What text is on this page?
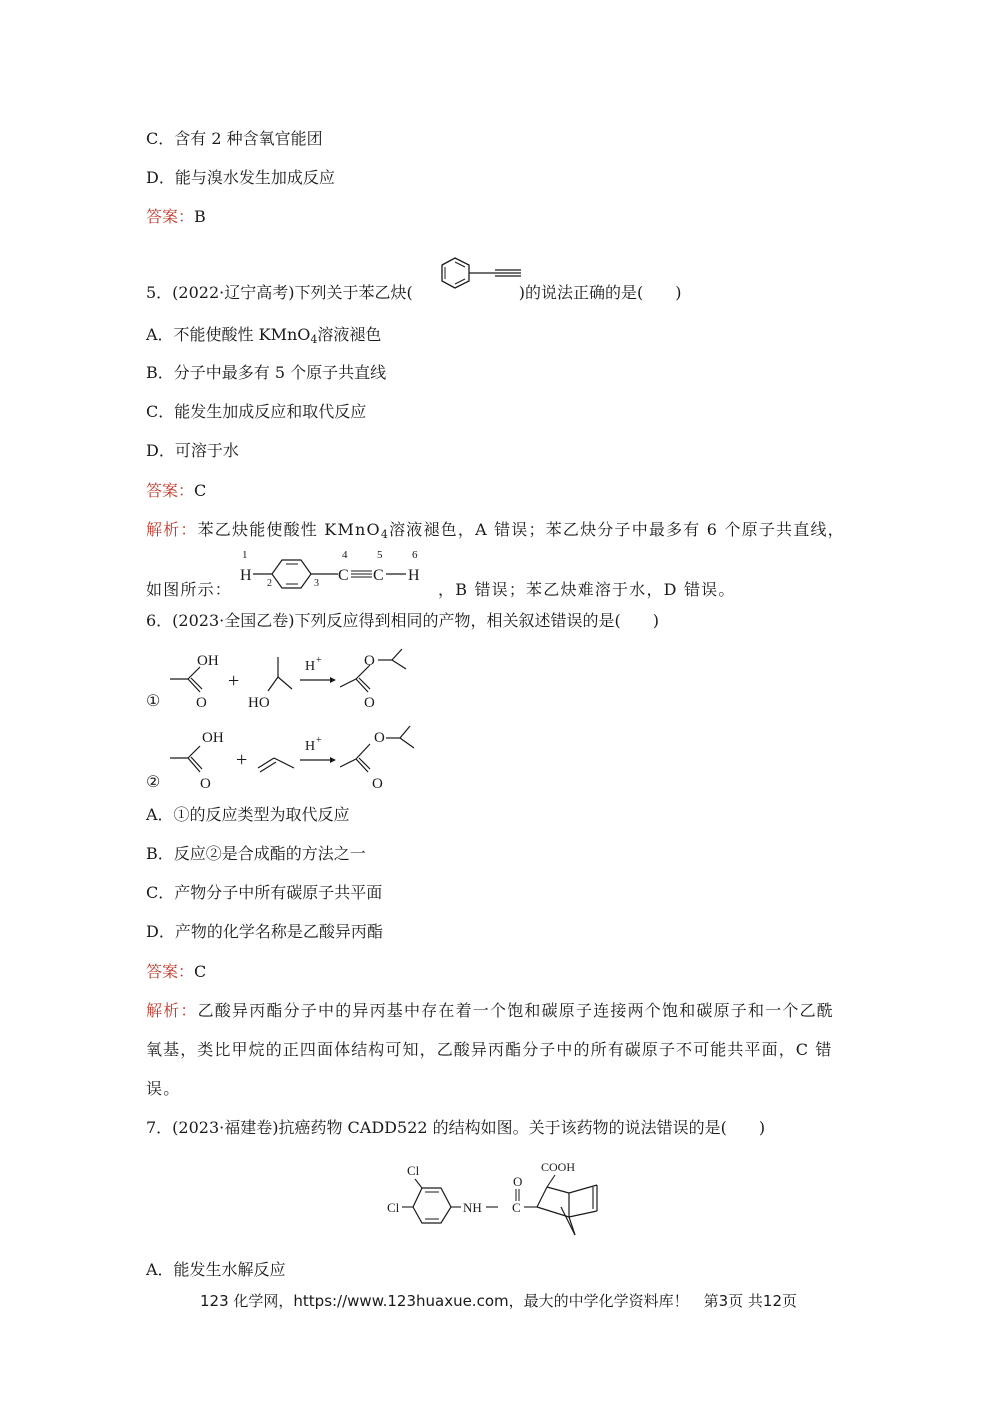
C．含有 2 种含氧官能团
D．能与溴水发生加成反应
答案：B
5．(2022·辽宁高考)下列关于苯乙炔(	)的说法正确的是(　　)
A．不能使酸性 KMnO$_4$溶液褪色
B．分子中最多有 5 个原子共直线
C．能发生加成反应和取代反应
D．可溶于水
答案：C
解析：苯乙炔能使酸性 KMnO$_4$溶液褪色，A 错误；苯乙炔分子中最多有 6 个原子共直线，
如图所示：	，B 错误；苯乙炔难溶于水，D 错误。
1
H 2	3
4
C
5
C
6
H
6．(2023·全国乙卷)下列反应得到相同的产物，相关叙述错误的是(　　)
①
OH
O
+
HO
H +	O
O
②
OH
O
+
H +	O
O
A．①的反应类型为取代反应
B．反应②是合成酯的方法之一
C．产物分子中所有碳原子共平面
D．产物的化学名称是乙酸异丙酯
答案：C
解析：乙酸异丙酯分子中的异丙基中存在着一个饱和碳原子连接两个饱和碳原子和一个乙酰
氧基，类比甲烷的正四面体结构可知，乙酸异丙酯分子中的所有碳原子不可能共平面，C 错
误。
7．(2023·福建卷)抗癌药物 CADD522 的结构如图。关于该药物的说法错误的是(　　)
Cl
Cl	NH
O
C
COOH
A．能发生水解反应
123 化学网，https://www.123huaxue.com，最大的中学化学资料库！　第3页 共12页
